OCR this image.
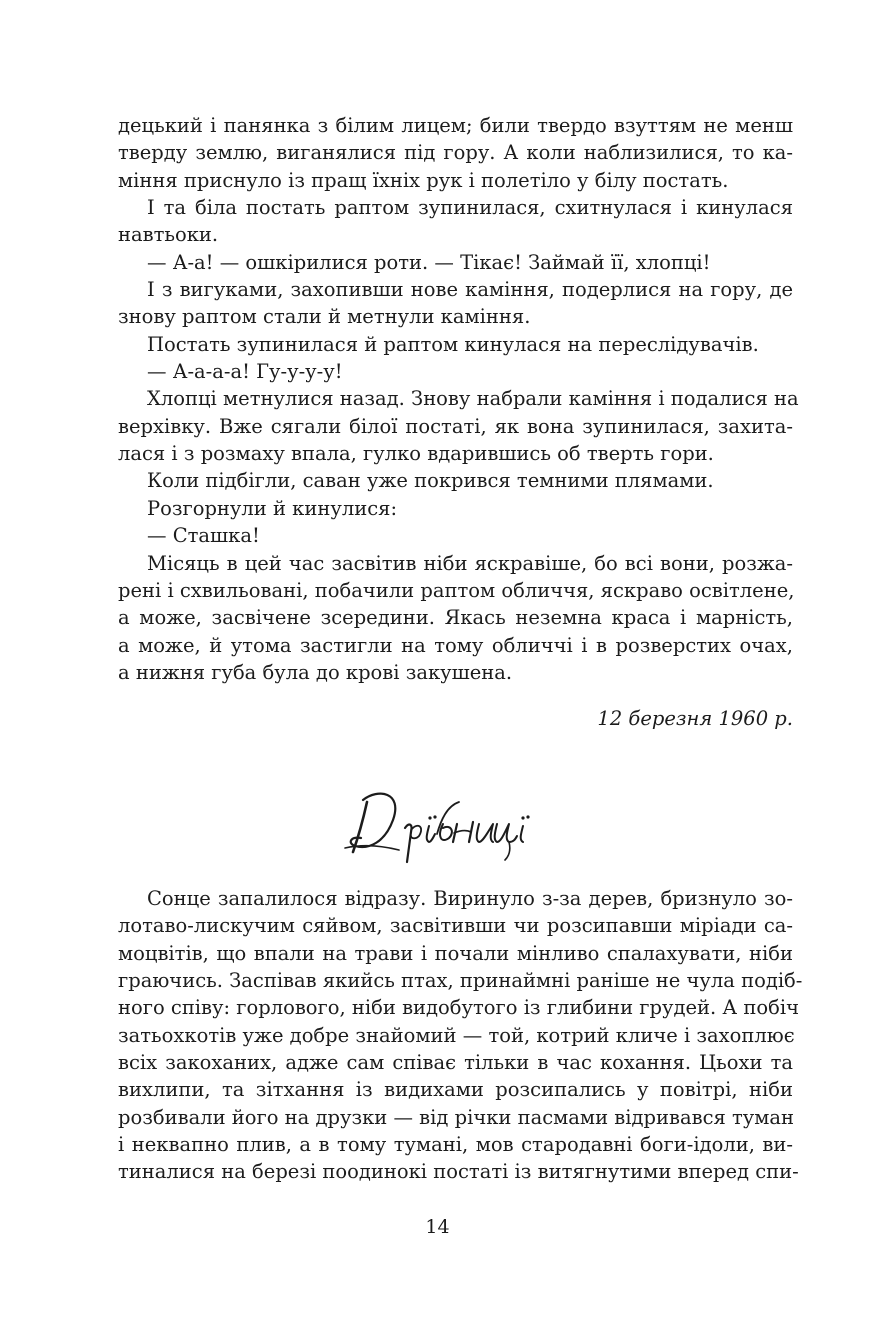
децький і панянка з білим лицем; били твердо взуттям не менш
тверду землю, виганялися під гору. А коли наблизилися, то ка-
міння приснуло із пращ їхніх рук і полетіло у білу постать.
І та біла постать раптом зупинилася, схитнулася і кинулася
навтьоки.
— А-а! — ошкірилися роти. — Тікає! Займай її, хлопці!
І з вигуками, захопивши нове каміння, подерлися на гору, де
знову раптом стали й метнули каміння.
Постать зупинилася й раптом кинулася на переслідувачів.
— А-а-а-а! Гу-у-у-у!
Хлопці метнулися назад. Знову набрали каміння і подалися на
верхівку. Вже сягали білої постаті, як вона зупинилася, захита-
лася і з розмаху впала, гулко вдарившись об тверть гори.
Коли підбігли, саван уже покрився темними плямами.
Розгорнули й кинулися:
— Сташка!
Місяць в цей час засвітив ніби яскравіше, бо всі вони, розжа-
рені і схвильовані, побачили раптом обличчя, яскраво освітлене,
а може, засвічене зсередини. Якась неземна краса і марність,
а може, й утома застигли на тому обличчі і в розверстих очах,
а нижня губа була до крові закушена.
12 березня 1960 р.
Сонце запалилося відразу. Виринуло з-за дерев, бризнуло зо-
лотаво-лискучим сяйвом, засвітивши чи розсипавши міріади са-
моцвітів, що впали на трави і почали мінливо спалахувати, ніби
граючись. Заспівав якийсь птах, принаймні раніше не чула подіб-
ного співу: горлового, ніби видобутого із глибини грудей. А побіч
затьохкотів уже добре знайомий — той, котрий кличе і захоплює
всіх закоханих, адже сам співає тільки в час кохання. Цьохи та
вихлипи, та зітхання із видихами розсипались у повітрі, ніби
розбивали його на друзки — від річки пасмами відривався туман
і неквапно плив, а в тому тумані, мов стародавні боги-ідоли, ви-
тиналися на березі поодинокі постаті із витягнутими вперед спи-
14
